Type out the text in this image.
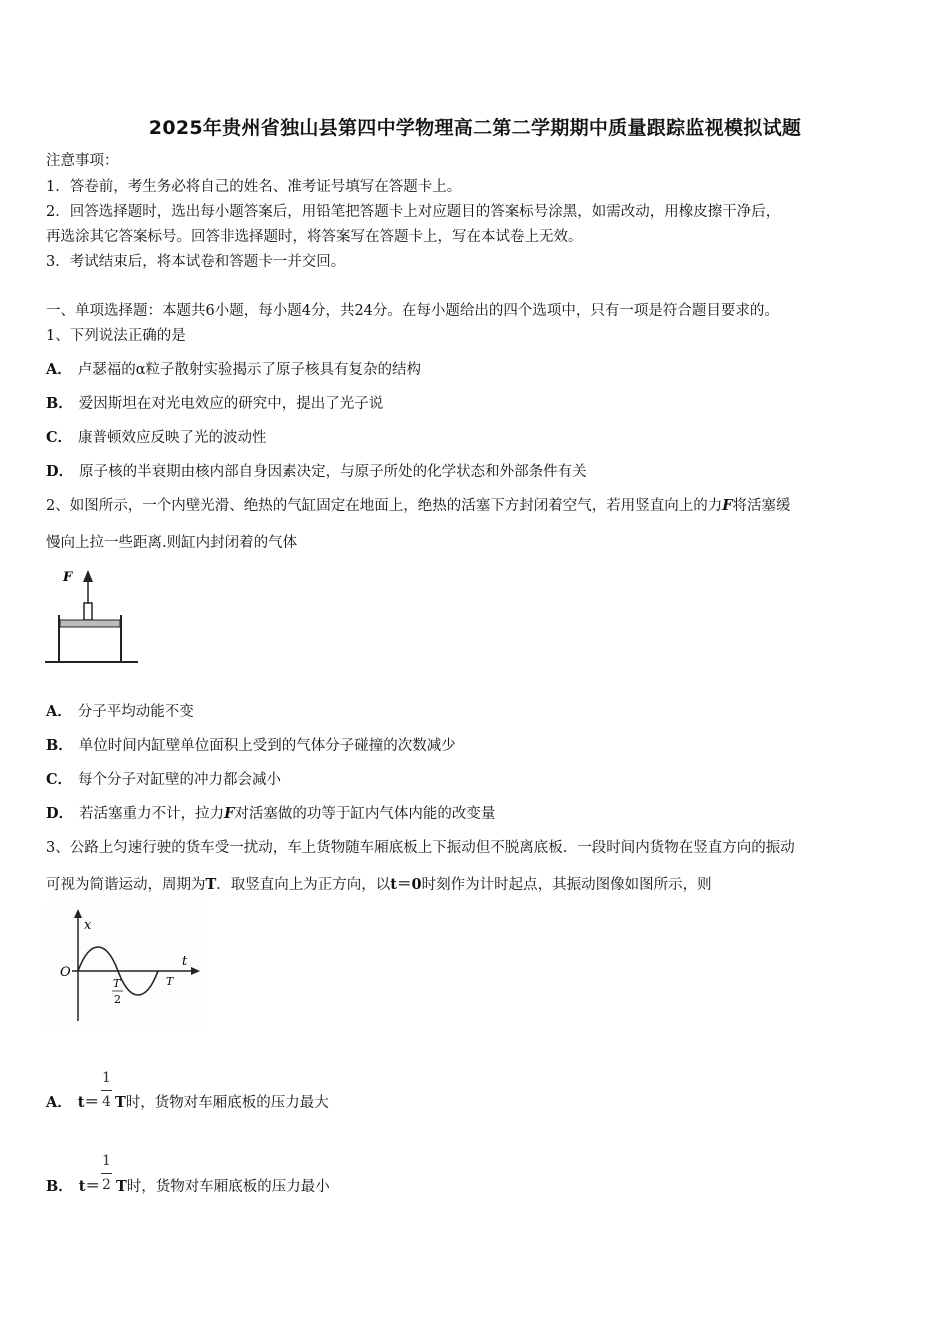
2025年贵州省独山县第四中学物理高二第二学期期中质量跟踪监视模拟试题
注意事项：
1．答卷前，考生务必将自己的姓名、准考证号填写在答题卡上。
2．回答选择题时，选出每小题答案后，用铅笔把答题卡上对应题目的答案标号涂黑，如需改动，用橡皮擦干净后，
再选涂其它答案标号。回答非选择题时，将答案写在答题卡上，写在本试卷上无效。
3．考试结束后，将本试卷和答题卡一并交回。
一、单项选择题：本题共6小题，每小题4分，共24分。在每小题给出的四个选项中，只有一项是符合题目要求的。
1、下列说法正确的是
A． 卢瑟福的α粒子散射实验揭示了原子核具有复杂的结构
B． 爱因斯坦在对光电效应的研究中，提出了光子说
C． 康普顿效应反映了光的波动性
D． 原子核的半衰期由核内部自身因素决定，与原子所处的化学状态和外部条件有关
2、如图所示，一个内壁光滑、绝热的气缸固定在地面上，绝热的活塞下方封闭着空气，若用竖直向上的力F将活塞缓
慢向上拉一些距离.则缸内封闭着的气体
F
A． 分子平均动能不变
B． 单位时间内缸壁单位面积上受到的气体分子碰撞的次数减少
C． 每个分子对缸壁的冲力都会减小
D． 若活塞重力不计，拉力F对活塞做的功等于缸内气体内能的改变量
3、公路上匀速行驶的货车受一扰动，车上货物随车厢底板上下振动但不脱离底板．一段时间内货物在竖直方向的振动
可视为简谐运动，周期为T．取竖直向上为正方向，以t＝0时刻作为计时起点，其振动图像如图所示，则
x
t
O
T
2
T
1
4
A． t＝ T时，货物对车厢底板的压力最大
1
2
B． t＝ T时，货物对车厢底板的压力最小
